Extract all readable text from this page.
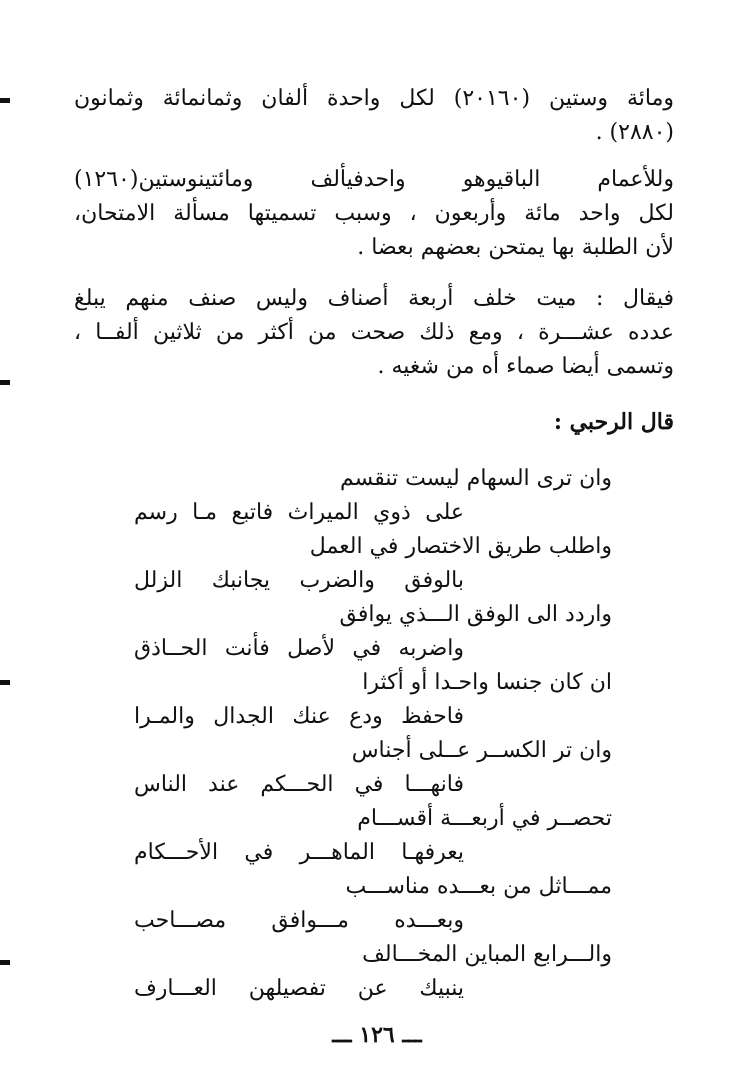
ومائة وستين (٢٠١٦٠) لكل واحدة ألفان وثمانمائة وثمانون
(٢٨٨٠) .
وللأعمام الباقيوهو واحدفيألف ومائتينوستين(١٢٦٠)
لكل واحد مائة وأربعون ، وسبب تسميتها مسألة الامتحان،
لأن الطلبة بها يمتحن بعضهم بعضا .
فيقال : ميت خلف أربعة أصناف وليس صنف منهم يبلغ
عدده عشـــرة ، ومع ذلك صحت من أكثر من ثلاثين ألفــا ،
وتسمى أيضا صماء أه من شغيه .
قال الرحبي :
وان ترى السهام ليست تنقسم
على ذوي الميراث فاتبع مـا رسم
واطلب طريق الاختصار في العمل
بالوفق والضرب يجانبك الزلل
واردد الى الوفق الـــذي يوافق
واضربه في لأصل فأنت الحــاذق
ان كان جنسا واحـدا أو أكثرا
فاحفظ ودع عنك الجدال والمـرا
وان تر الكســر عــلى أجناس
فانهـــا في الحـــكم عند الناس
تحصــر في أربعـــة أقســـام
يعرفهـا الماهـــر في الأحـــكام
ممـــاثل من بعـــده مناســـب
وبعـــده مـــوافق مصـــاحب
والـــرابع المباين المخـــالف
ينبيك عن تفصيلهن العـــارف
ـــ ١٢٦ ـــ
